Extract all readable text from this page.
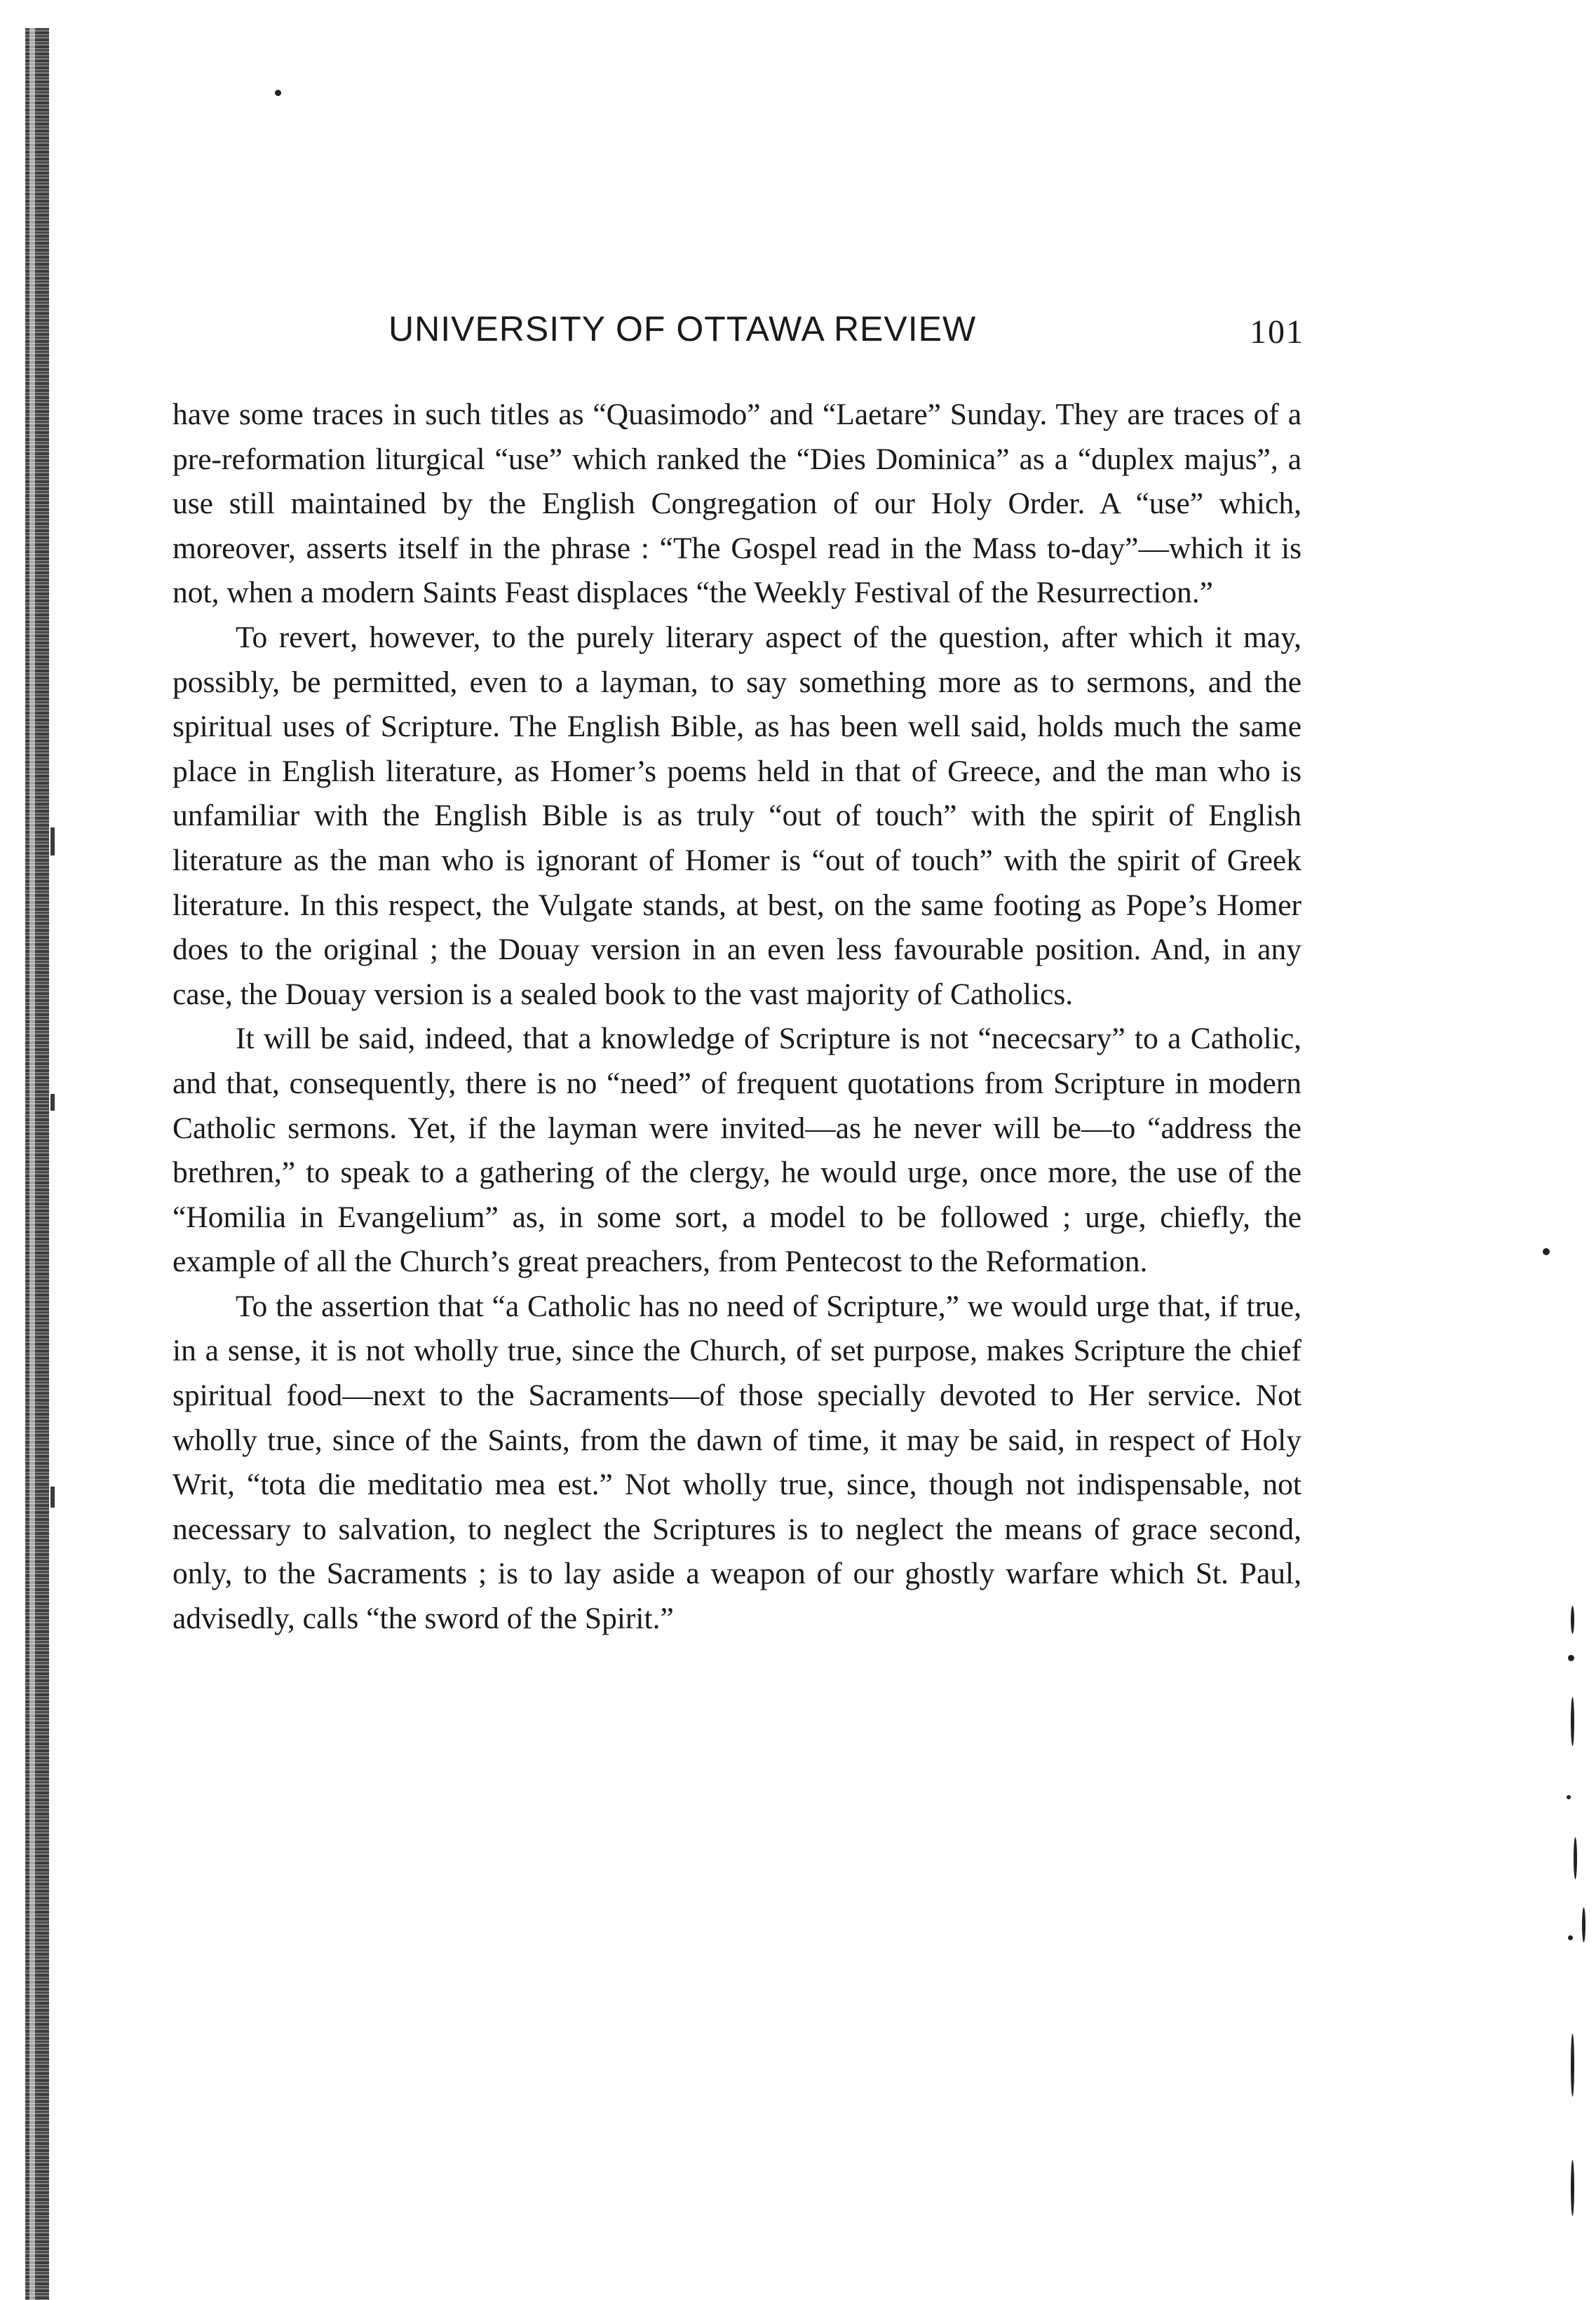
UNIVERSITY OF OTTAWA REVIEW	101

have some traces in such titles as “Quasimodo” and “Laetare” Sunday. They are traces of a pre-reformation liturgical “use” which ranked the “Dies Dominica” as a “duplex majus”, a use still maintained by the English Congregation of our Holy Order. A “use” which, moreover, asserts itself in the phrase : “The Gospel read in the Mass to-day”—which it is not, when a modern Saints Feast displaces “the Weekly Festival of the Resurrection.”

To revert, however, to the purely literary aspect of the question, after which it may, possibly, be permitted, even to a layman, to say something more as to sermons, and the spiritual uses of Scripture. The English Bible, as has been well said, holds much the same place in English literature, as Homer’s poems held in that of Greece, and the man who is unfamiliar with the English Bible is as truly “out of touch” with the spirit of English literature as the man who is ignorant of Homer is “out of touch” with the spirit of Greek literature. In this respect, the Vulgate stands, at best, on the same footing as Pope’s Homer does to the original ; the Douay version in an even less favourable position. And, in any case, the Douay version is a sealed book to the vast majority of Catholics.

It will be said, indeed, that a knowledge of Scripture is not “nececsary” to a Catholic, and that, consequently, there is no “need” of frequent quotations from Scripture in modern Catholic sermons. Yet, if the layman were invited—as he never will be—to “address the brethren,” to speak to a gathering of the clergy, he would urge, once more, the use of the “Homilia in Evangelium” as, in some sort, a model to be followed ; urge, chiefly, the example of all the Church’s great preachers, from Pentecost to the Reformation.

To the assertion that “a Catholic has no need of Scripture,” we would urge that, if true, in a sense, it is not wholly true, since the Church, of set purpose, makes Scripture the chief spiritual food—next to the Sacraments—of those specially devoted to Her service. Not wholly true, since of the Saints, from the dawn of time, it may be said, in respect of Holy Writ, “tota die meditatio mea est.” Not wholly true, since, though not indispensable, not necessary to salvation, to neglect the Scriptures is to neglect the means of grace second, only, to the Sacraments ; is to lay aside a weapon of our ghostly warfare which St. Paul, advisedly, calls “the sword of the Spirit.”
